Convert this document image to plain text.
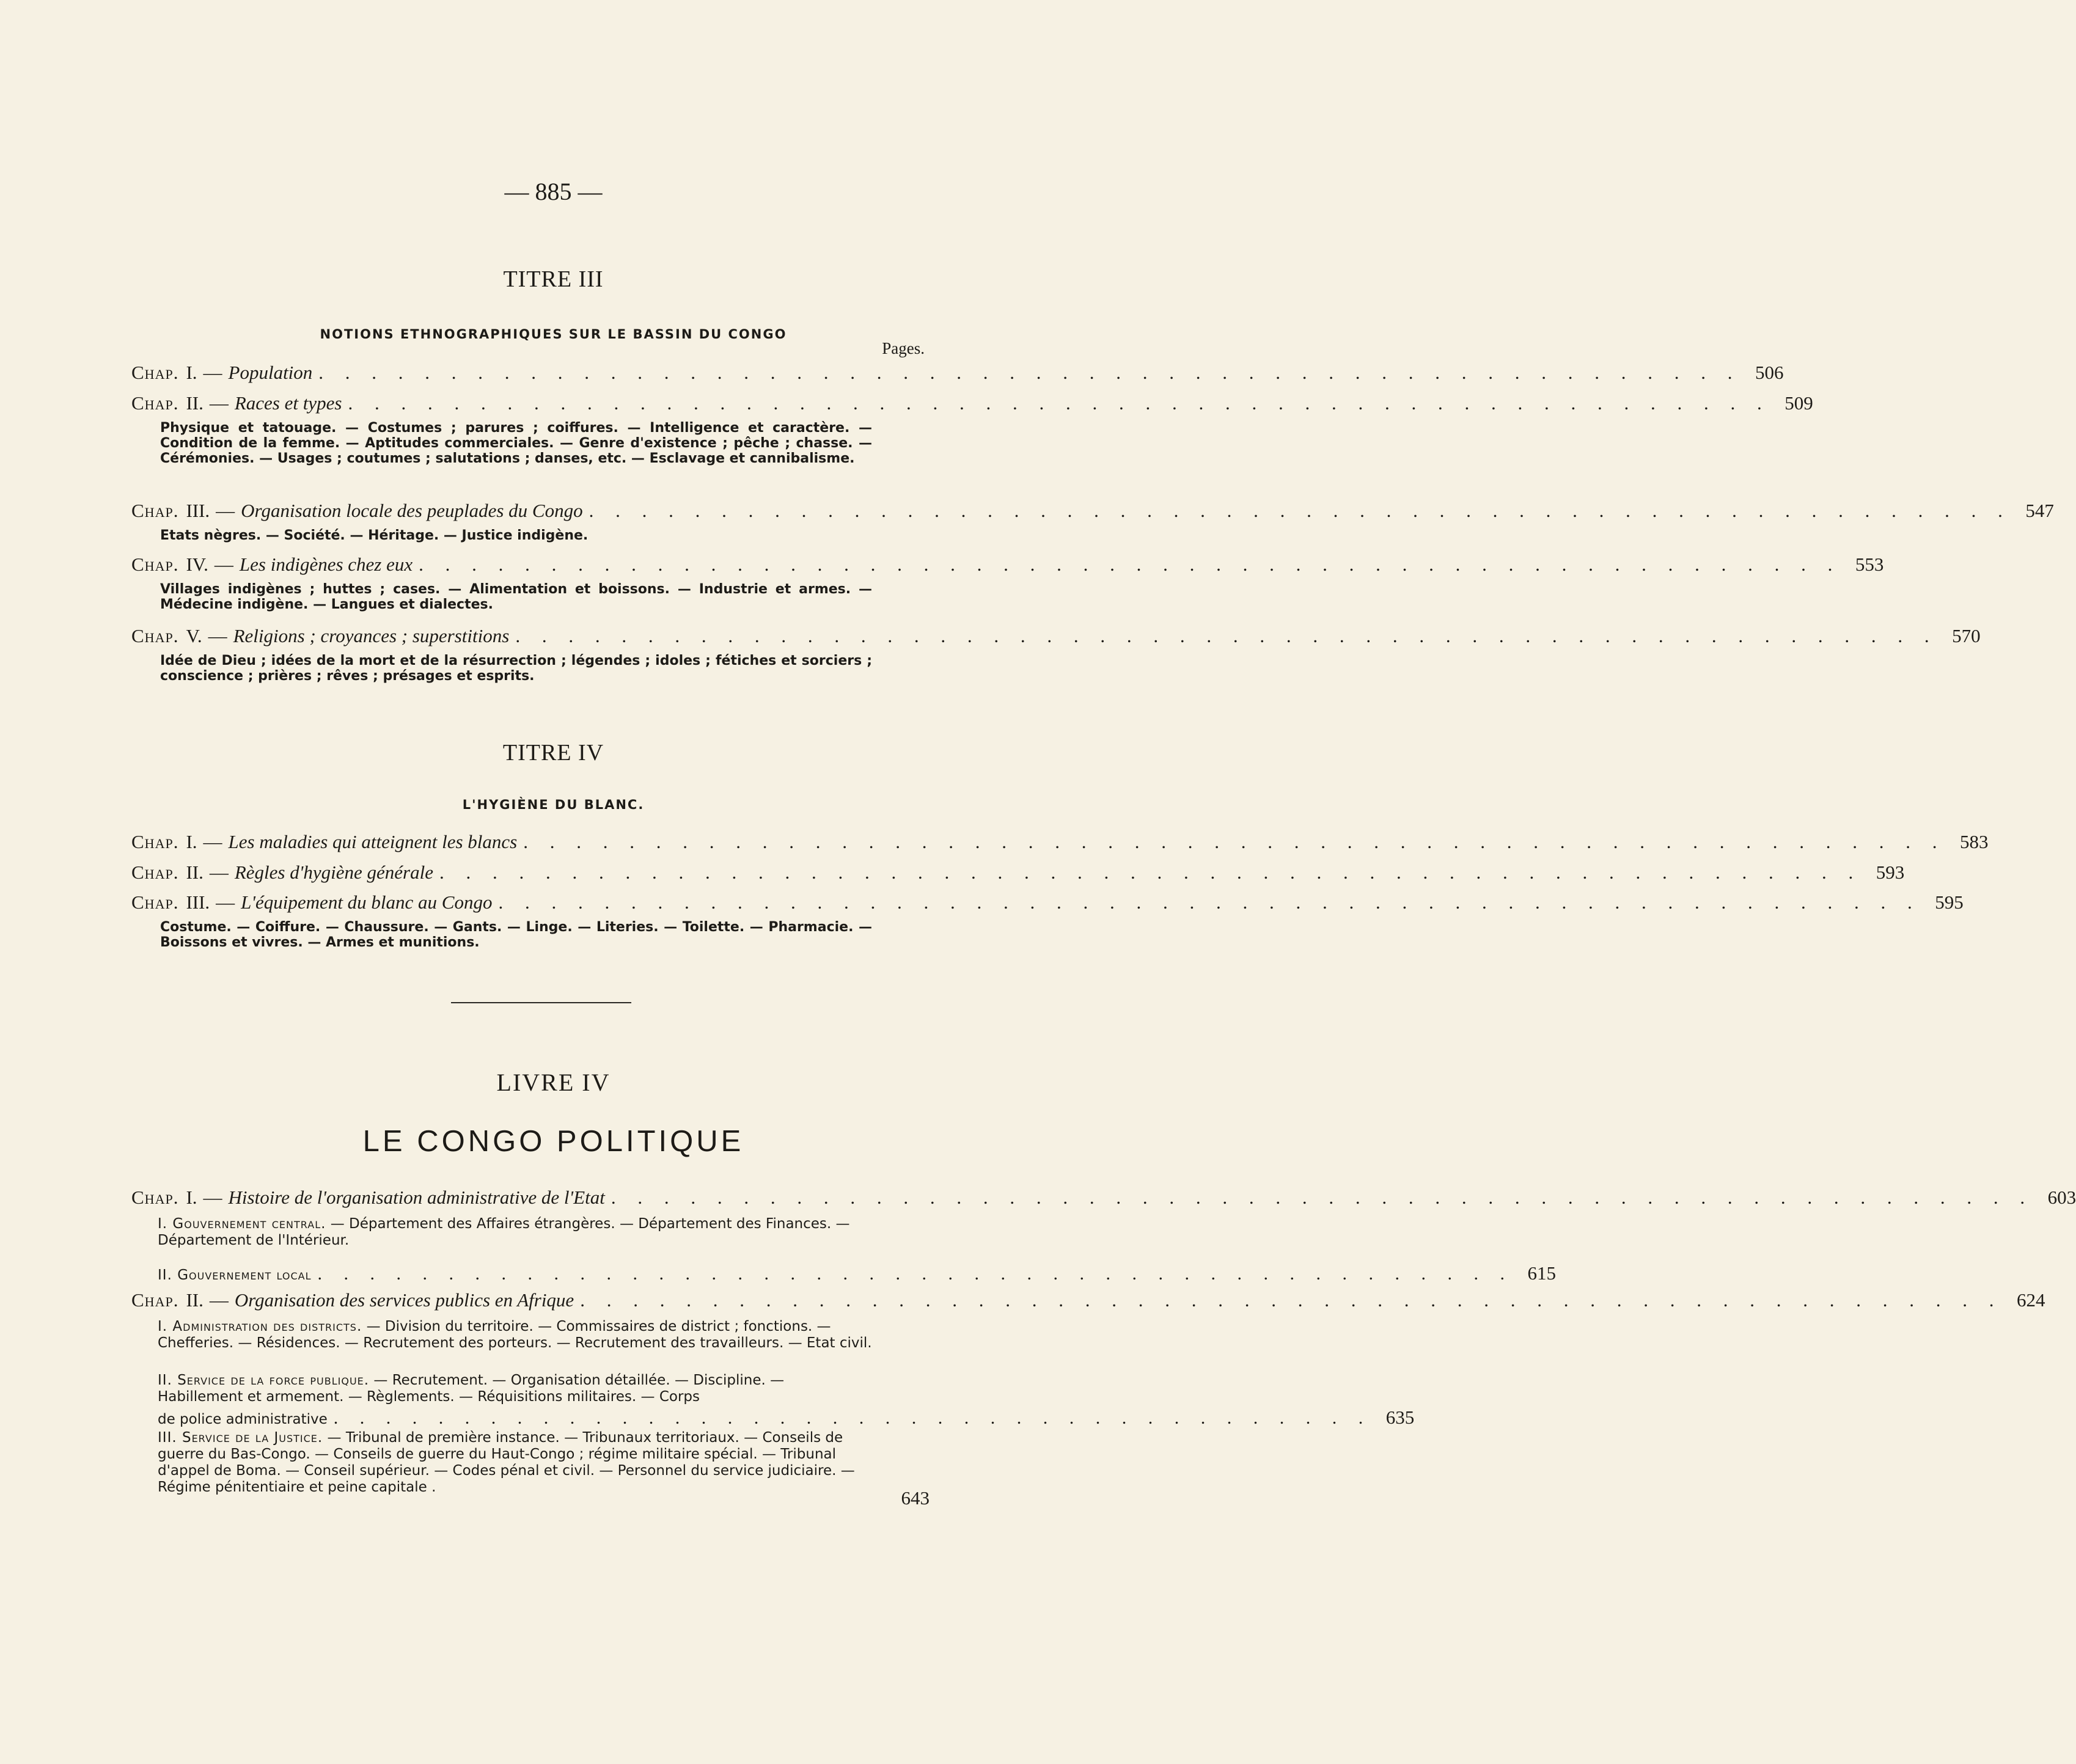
— 885 —
TITRE III
NOTIONS ETHNOGRAPHIQUES SUR LE BASSIN DU CONGO
Pages.
Chap. I. — Population . . . . . . . . . . . . . . . . . . . . . . . . . . . . . . . . . . . . . . . . . . . . . . . . . . . . . . 506
Chap. II. — Races et types . . . . . . . . . . . . . . . . . . . . . . . . . . . . . . . . . . . . . . . . . . . . . . . . . . . . . . 509
Physique et tatouage. — Costumes ; parures ; coiffures. — Intelligence et caractère. — Condition de la femme. — Aptitudes commerciales. — Genre d'existence ; pêche ; chasse. — Cérémonies. — Usages ; coutumes ; salutations ; danses, etc. — Esclavage et cannibalisme.
Chap. III. — Organisation locale des peuplades du Congo . . . . . . . . . . . . . . . . . . . . . . . . . . . . . . . . . . . . . . . . . . . . . . . . . . . . . . 547
Etats nègres. — Société. — Héritage. — Justice indigène.
Chap. IV. — Les indigènes chez eux . . . . . . . . . . . . . . . . . . . . . . . . . . . . . . . . . . . . . . . . . . . . . . . . . . . . . . 553
Villages indigènes ; huttes ; cases. — Alimentation et boissons. — Industrie et armes. — Médecine indigène. — Langues et dialectes.
Chap. V. — Religions ; croyances ; superstitions . . . . . . . . . . . . . . . . . . . . . . . . . . . . . . . . . . . . . . . . . . . . . . . . . . . . . . 570
Idée de Dieu ; idées de la mort et de la résurrection ; légendes ; idoles ; fétiches et sorciers ; conscience ; prières ; rêves ; présages et esprits.
TITRE IV
L'HYGIÈNE DU BLANC.
Chap. I. — Les maladies qui atteignent les blancs . . . . . . . . . . . . . . . . . . . . . . . . . . . . . . . . . . . . . . . . . . . . . . . . . . . . . . 583
Chap. II. — Règles d'hygiène générale . . . . . . . . . . . . . . . . . . . . . . . . . . . . . . . . . . . . . . . . . . . . . . . . . . . . . . 593
Chap. III. — L'équipement du blanc au Congo . . . . . . . . . . . . . . . . . . . . . . . . . . . . . . . . . . . . . . . . . . . . . . . . . . . . . . 595
Costume. — Coiffure. — Chaussure. — Gants. — Linge. — Literies. — Toilette. — Pharmacie. — Boissons et vivres. — Armes et munitions.
LIVRE IV
LE CONGO POLITIQUE
Chap. I. — Histoire de l'organisation administrative de l'Etat . . . . . . . . . . . . . . . . . . . . . . . . . . . . . . . . . . . . . . . . . . . . . . . . . . . . . . 603
I. Gouvernement central. — Département des Affaires étrangères. — Département des Finances. — Département de l'Intérieur.
II. Gouvernement local . . . . . . . . . . . . . . . . . . . . . . . . . . . . . . . . . . . . . . . . . . . . . . 615
Chap. II. — Organisation des services publics en Afrique . . . . . . . . . . . . . . . . . . . . . . . . . . . . . . . . . . . . . . . . . . . . . . . . . . . . . . 624
I. Administration des districts. — Division du territoire. — Commissaires de district ; fonctions. — Chefferies. — Résidences. — Recrutement des porteurs. — Recrutement des travailleurs. — Etat civil.
II. Service de la force publique. — Recrutement. — Organisation détaillée. — Discipline. — Habillement et armement. — Règlements. — Réquisitions militaires. — Corps
de police administrative . . . . . . . . . . . . . . . . . . . . . . . . . . . . . . . . . . . . . . . . 635
III. Service de la Justice. — Tribunal de première instance. — Tribunaux territoriaux. — Conseils de guerre du Bas-Congo. — Conseils de guerre du Haut-Congo ; régime militaire spécial. — Tribunal d'appel de Boma. — Conseil supérieur. — Codes pénal et civil. — Personnel du service judiciaire. — Régime pénitentiaire et peine capitale .	643
